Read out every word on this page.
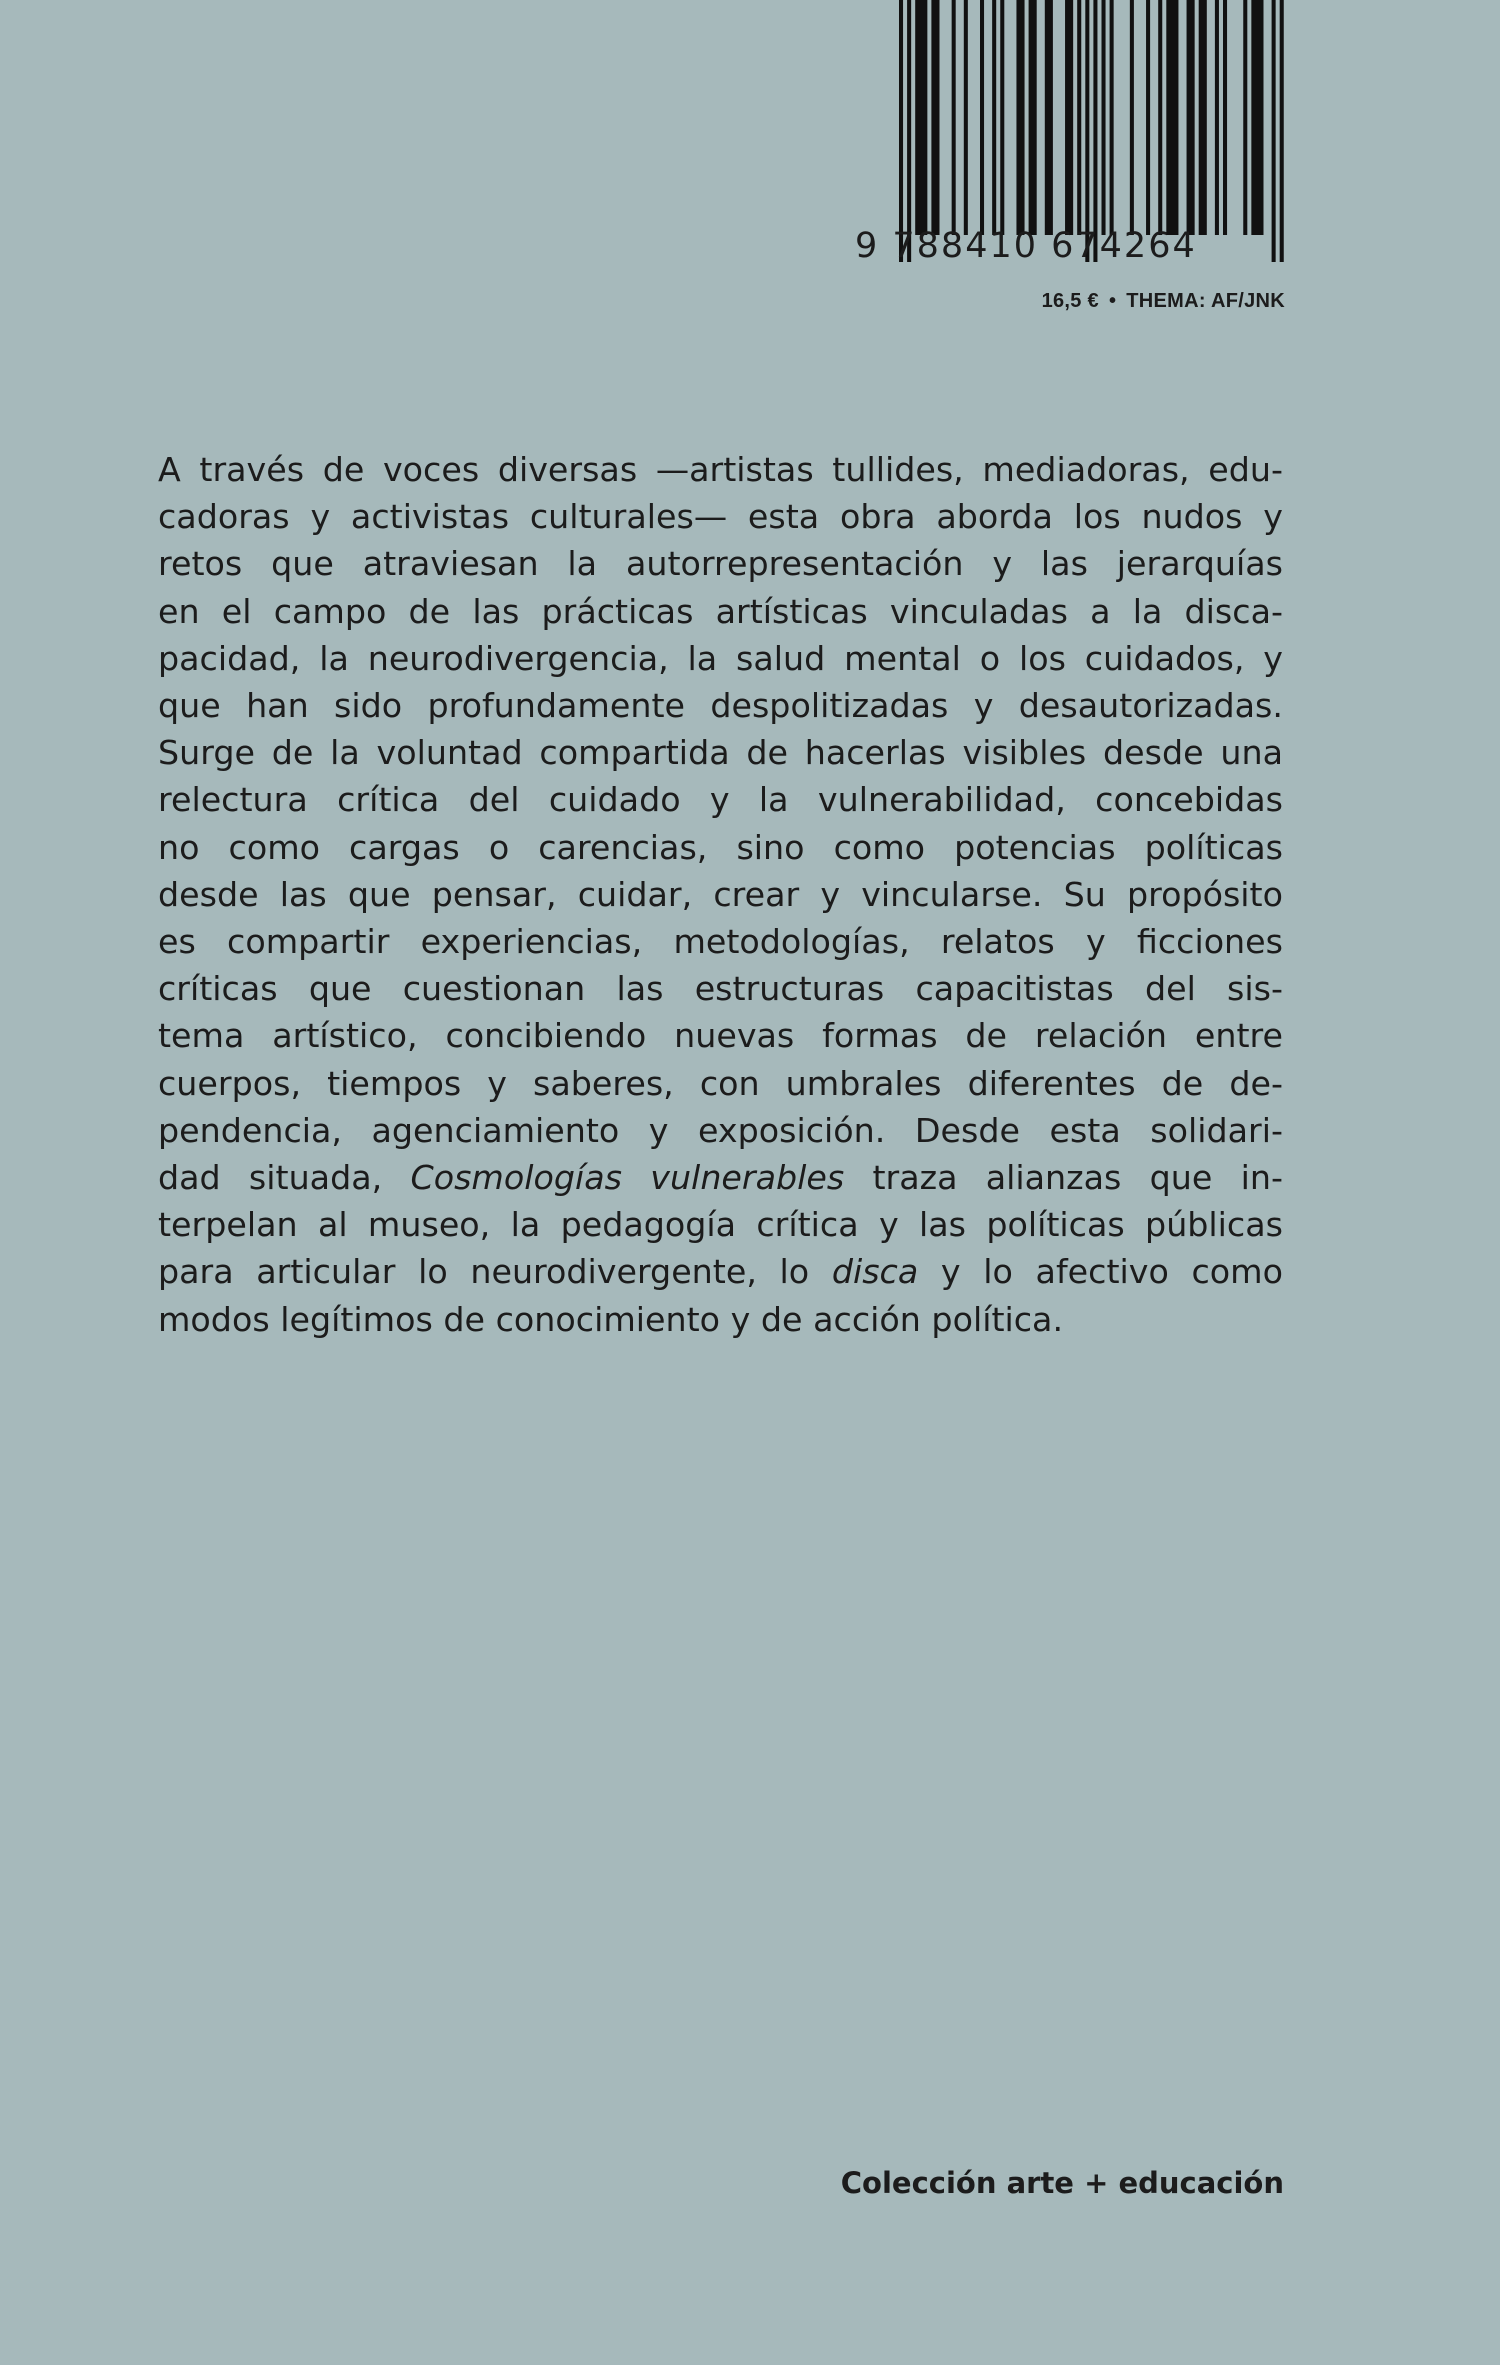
9 788410 674264
16,5 € • THEMA: AF/JNK
A través de voces diversas —artistas tullides, mediadoras, edu-
cadoras y activistas culturales— esta obra aborda los nudos y
retos que atraviesan la autorrepresentación y las jerarquías
en el campo de las prácticas artísticas vinculadas a la disca-
pacidad, la neurodivergencia, la salud mental o los cuidados, y
que han sido profundamente despolitizadas y desautorizadas.
Surge de la voluntad compartida de hacerlas visibles desde una
relectura crítica del cuidado y la vulnerabilidad, concebidas
no como cargas o carencias, sino como potencias políticas
desde las que pensar, cuidar, crear y vincularse. Su propósito
es compartir experiencias, metodologías, relatos y ficciones
críticas que cuestionan las estructuras capacitistas del sis-
tema artístico, concibiendo nuevas formas de relación entre
cuerpos, tiempos y saberes, con umbrales diferentes de de-
pendencia, agenciamiento y exposición. Desde esta solidari-
dad situada, Cosmologías vulnerables traza alianzas que in-
terpelan al museo, la pedagogía crítica y las políticas públicas
para articular lo neurodivergente, lo disca y lo afectivo como
modos legítimos de conocimiento y de acción política.
Colección arte + educación
